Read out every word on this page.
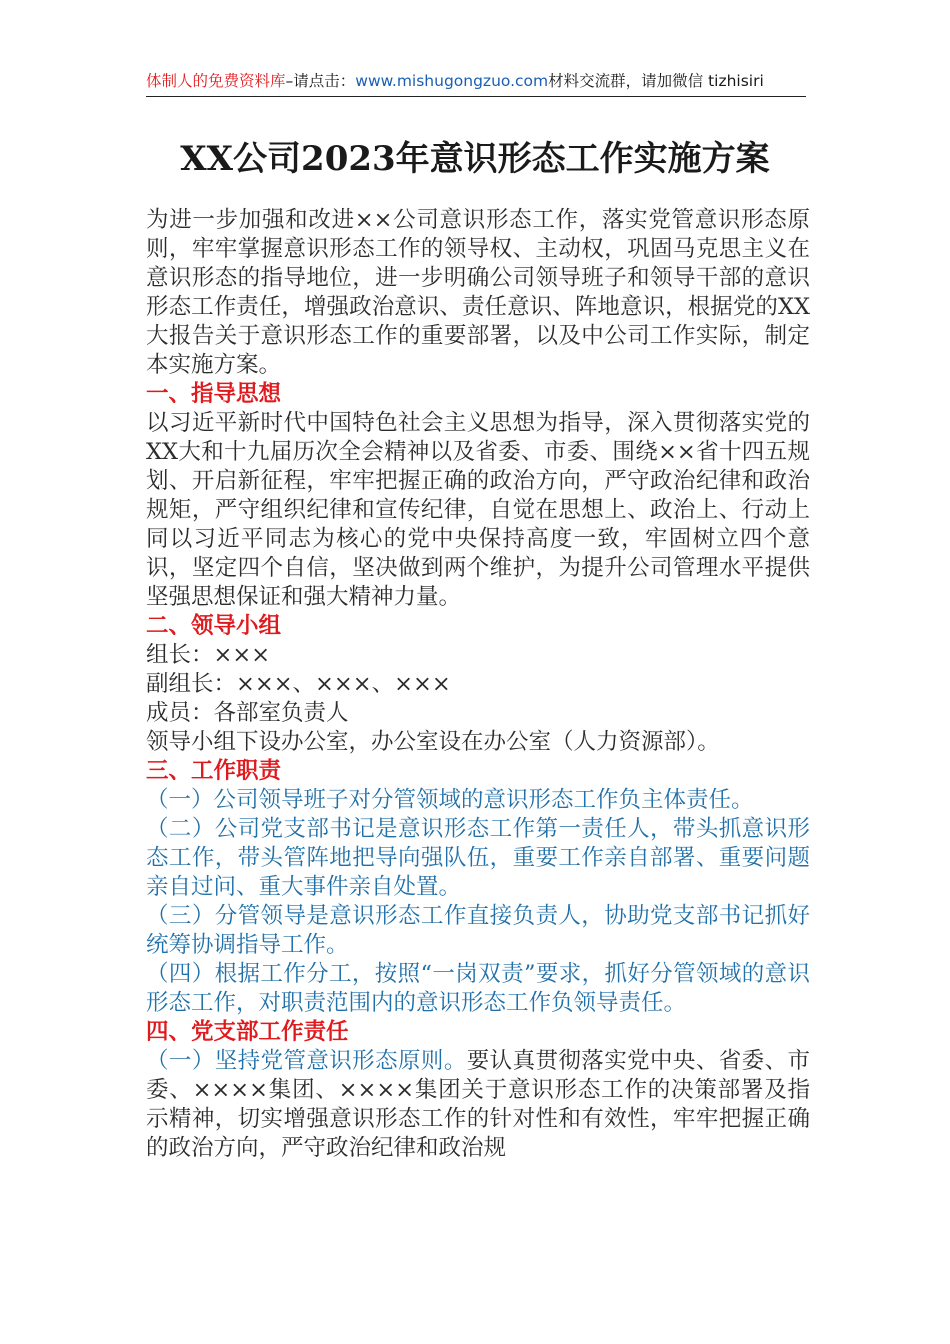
体制人的免费资料库–请点击：www.mishugongzuo.com材料交流群，请加微信 tizhisiri
XX公司2023年意识形态工作实施方案

为进一步加强和改进××公司意识形态工作，落实党管意识形态原则，牢牢掌握意识形态工作的领导权、主动权，巩固马克思主义在意识形态的指导地位，进一步明确公司领导班子和领导干部的意识形态工作责任，增强政治意识、责任意识、阵地意识，根据党的XX大报告关于意识形态工作的重要部署，以及中公司工作实际，制定本实施方案。

一、指导思想

以习近平新时代中国特色社会主义思想为指导，深入贯彻落实党的XX大和十九届历次全会精神以及省委、市委、围绕××省十四五规划、开启新征程，牢牢把握正确的政治方向，严守政治纪律和政治规矩，严守组织纪律和宣传纪律，自觉在思想上、政治上、行动上同以习近平同志为核心的党中央保持高度一致，牢固树立四个意识，坚定四个自信，坚决做到两个维护，为提升公司管理水平提供坚强思想保证和强大精神力量。

二、领导小组

组长：×××

副组长：×××、×××、×××

成员：各部室负责人

领导小组下设办公室，办公室设在办公室（人力资源部）。

三、工作职责

（一）公司领导班子对分管领域的意识形态工作负主体责任。

（二）公司党支部书记是意识形态工作第一责任人，带头抓意识形态工作，带头管阵地把导向强队伍，重要工作亲自部署、重要问题亲自过问、重大事件亲自处置。

（三）分管领导是意识形态工作直接负责人，协助党支部书记抓好统筹协调指导工作。

（四）根据工作分工，按照“一岗双责”要求，抓好分管领域的意识形态工作，对职责范围内的意识形态工作负领导责任。

四、党支部工作责任

（一）坚持党管意识形态原则。要认真贯彻落实党中央、省委、市委、××××集团、××××集团关于意识形态工作的决策部署及指示精神，切实增强意识形态工作的针对性和有效性，牢牢把握正确的政治方向，严守政治纪律和政治规
